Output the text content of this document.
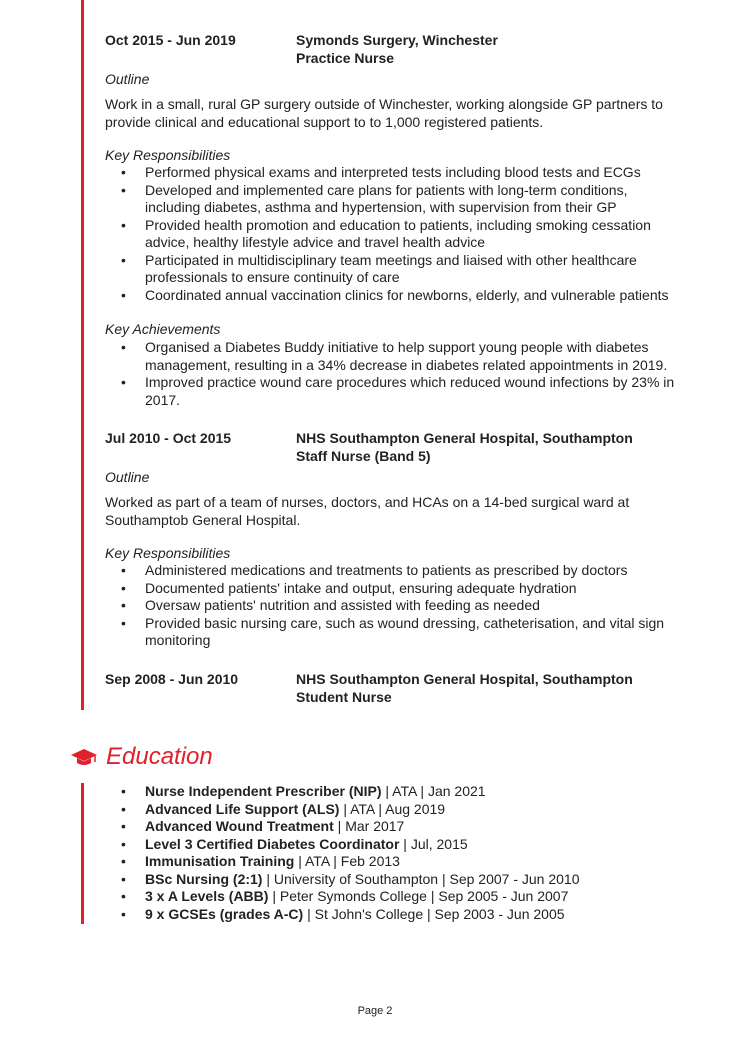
Oct 2015 - Jun 2019	Symonds Surgery, Winchester
Practice Nurse
Outline
Work in a small, rural GP surgery outside of Winchester, working alongside GP partners to provide clinical and educational support to to 1,000 registered patients.
Key Responsibilities
• Performed physical exams and interpreted tests including blood tests and ECGs
• Developed and implemented care plans for patients with long-term conditions, including diabetes, asthma and hypertension, with supervision from their GP
• Provided health promotion and education to patients, including smoking cessation advice, healthy lifestyle advice and travel health advice
• Participated in multidisciplinary team meetings and liaised with other healthcare professionals to ensure continuity of care
• Coordinated annual vaccination clinics for newborns, elderly, and vulnerable patients
Key Achievements
• Organised a Diabetes Buddy initiative to help support young people with diabetes management, resulting in a 34% decrease in diabetes related appointments in 2019.
• Improved practice wound care procedures which reduced wound infections by 23% in 2017.
Jul 2010 - Oct 2015	NHS Southampton General Hospital, Southampton
Staff Nurse (Band 5)
Outline
Worked as part of a team of nurses, doctors, and HCAs on a 14-bed surgical ward at Southamptob General Hospital.
Key Responsibilities
• Administered medications and treatments to patients as prescribed by doctors
• Documented patients' intake and output, ensuring adequate hydration
• Oversaw patients' nutrition and assisted with feeding as needed
• Provided basic nursing care, such as wound dressing, catheterisation, and vital sign monitoring
Sep 2008 - Jun 2010	NHS Southampton General Hospital, Southampton
Student Nurse
Education
• Nurse Independent Prescriber (NIP) | ATA | Jan 2021
• Advanced Life Support (ALS) | ATA | Aug 2019
• Advanced Wound Treatment | Mar 2017
• Level 3 Certified Diabetes Coordinator | Jul, 2015
• Immunisation Training | ATA | Feb 2013
• BSc Nursing (2:1) | University of Southampton | Sep 2007 - Jun 2010
• 3 x A Levels (ABB) | Peter Symonds College | Sep 2005 - Jun 2007
• 9 x GCSEs (grades A-C) | St John's College | Sep 2003 - Jun 2005
Page 2
